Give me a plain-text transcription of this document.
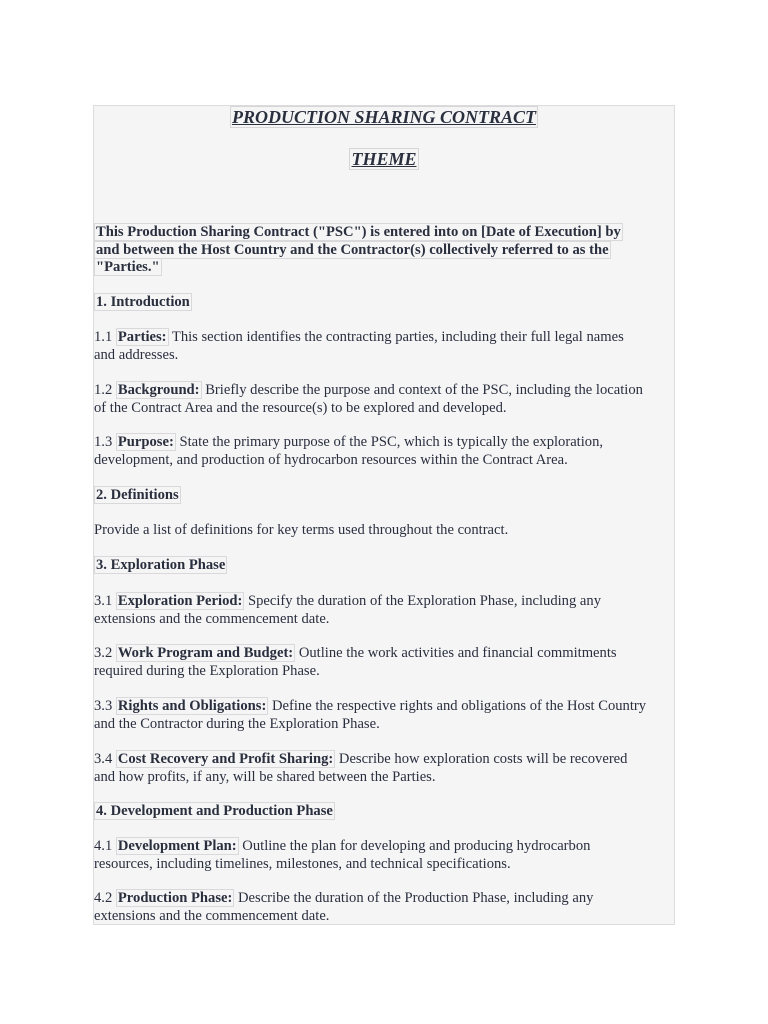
PRODUCTION SHARING CONTRACT
THEME
This Production Sharing Contract ("PSC") is entered into on [Date of Execution] by
and between the Host Country and the Contractor(s) collectively referred to as the
"Parties."
1. Introduction
1.1 Parties: This section identifies the contracting parties, including their full legal names
and addresses.
1.2 Background: Briefly describe the purpose and context of the PSC, including the location
of the Contract Area and the resource(s) to be explored and developed.
1.3 Purpose: State the primary purpose of the PSC, which is typically the exploration,
development, and production of hydrocarbon resources within the Contract Area.
2. Definitions
Provide a list of definitions for key terms used throughout the contract.
3. Exploration Phase
3.1 Exploration Period: Specify the duration of the Exploration Phase, including any
extensions and the commencement date.
3.2 Work Program and Budget: Outline the work activities and financial commitments
required during the Exploration Phase.
3.3 Rights and Obligations: Define the respective rights and obligations of the Host Country
and the Contractor during the Exploration Phase.
3.4 Cost Recovery and Profit Sharing: Describe how exploration costs will be recovered
and how profits, if any, will be shared between the Parties.
4. Development and Production Phase
4.1 Development Plan: Outline the plan for developing and producing hydrocarbon
resources, including timelines, milestones, and technical specifications.
4.2 Production Phase: Describe the duration of the Production Phase, including any
extensions and the commencement date.
